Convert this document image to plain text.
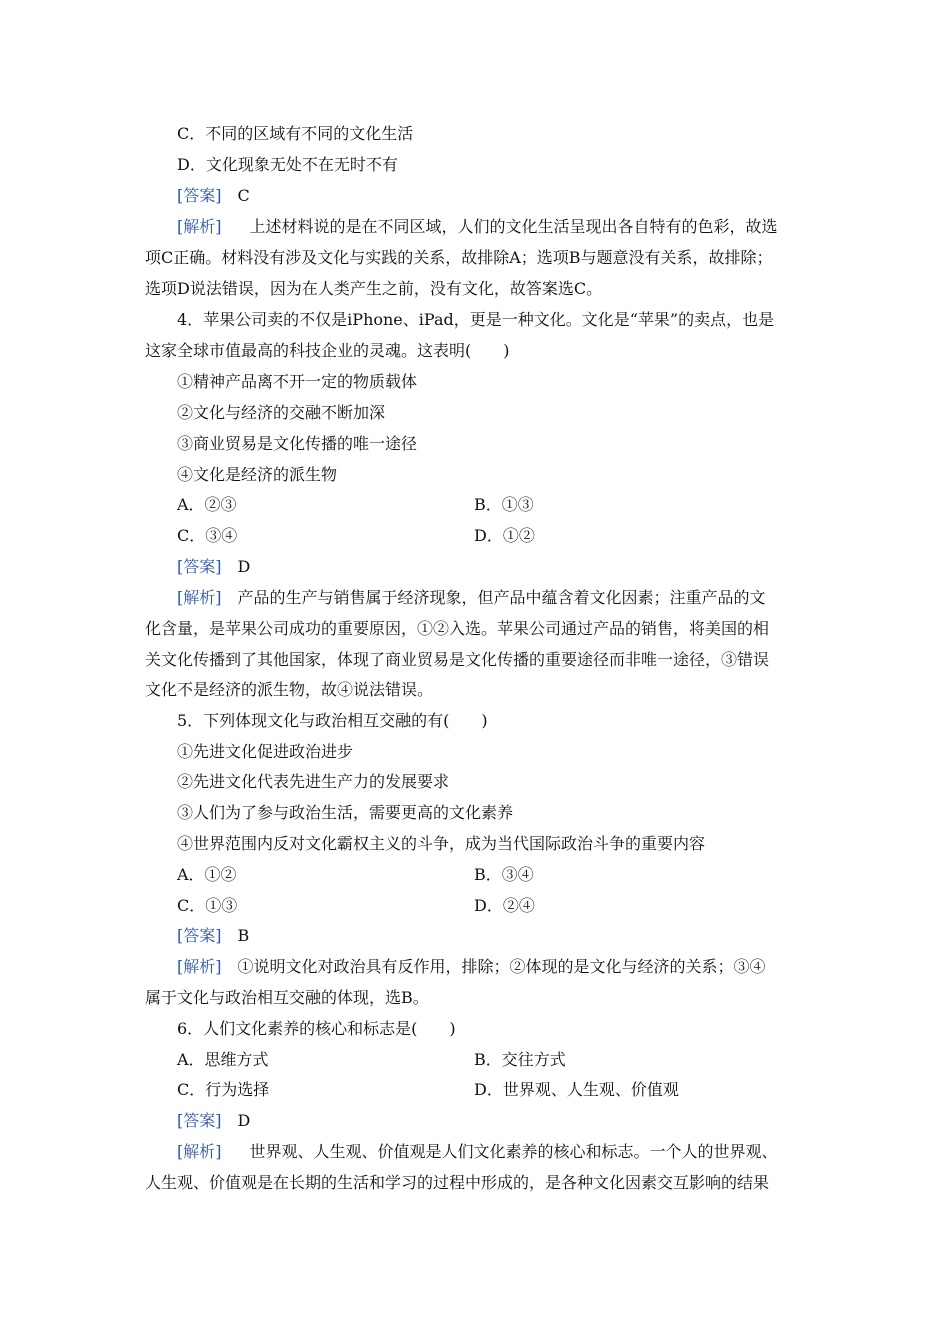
C．不同的区域有不同的文化生活
D．文化现象无处不在无时不有
[答案] C
[解析] 上述材料说的是在不同区域，人们的文化生活呈现出各自特有的色彩，故选
项C正确。材料没有涉及文化与实践的关系，故排除A；选项B与题意没有关系，故排除；
选项D说法错误，因为在人类产生之前，没有文化，故答案选C。
4．苹果公司卖的不仅是iPhone、iPad，更是一种文化。文化是“苹果”的卖点，也是
这家全球市值最高的科技企业的灵魂。这表明(　　)
①精神产品离不开一定的物质载体
②文化与经济的交融不断加深
③商业贸易是文化传播的唯一途径
④文化是经济的派生物
A．②③	B．①③
C．③④	D．①②
[答案] D
[解析] 产品的生产与销售属于经济现象，但产品中蕴含着文化因素；注重产品的文
化含量，是苹果公司成功的重要原因，①②入选。苹果公司通过产品的销售，将美国的相
关文化传播到了其他国家，体现了商业贸易是文化传播的重要途径而非唯一途径，③错误
文化不是经济的派生物，故④说法错误。
5．下列体现文化与政治相互交融的有(　　)
①先进文化促进政治进步
②先进文化代表先进生产力的发展要求
③人们为了参与政治生活，需要更高的文化素养
④世界范围内反对文化霸权主义的斗争，成为当代国际政治斗争的重要内容
A．①②	B．③④
C．①③	D．②④
[答案] B
[解析] ①说明文化对政治具有反作用，排除；②体现的是文化与经济的关系；③④
属于文化与政治相互交融的体现，选B。
6．人们文化素养的核心和标志是(　　)
A．思维方式	B．交往方式
C．行为选择	D．世界观、人生观、价值观
[答案] D
[解析] 世界观、人生观、价值观是人们文化素养的核心和标志。一个人的世界观、
人生观、价值观是在长期的生活和学习的过程中形成的，是各种文化因素交互影响的结果
